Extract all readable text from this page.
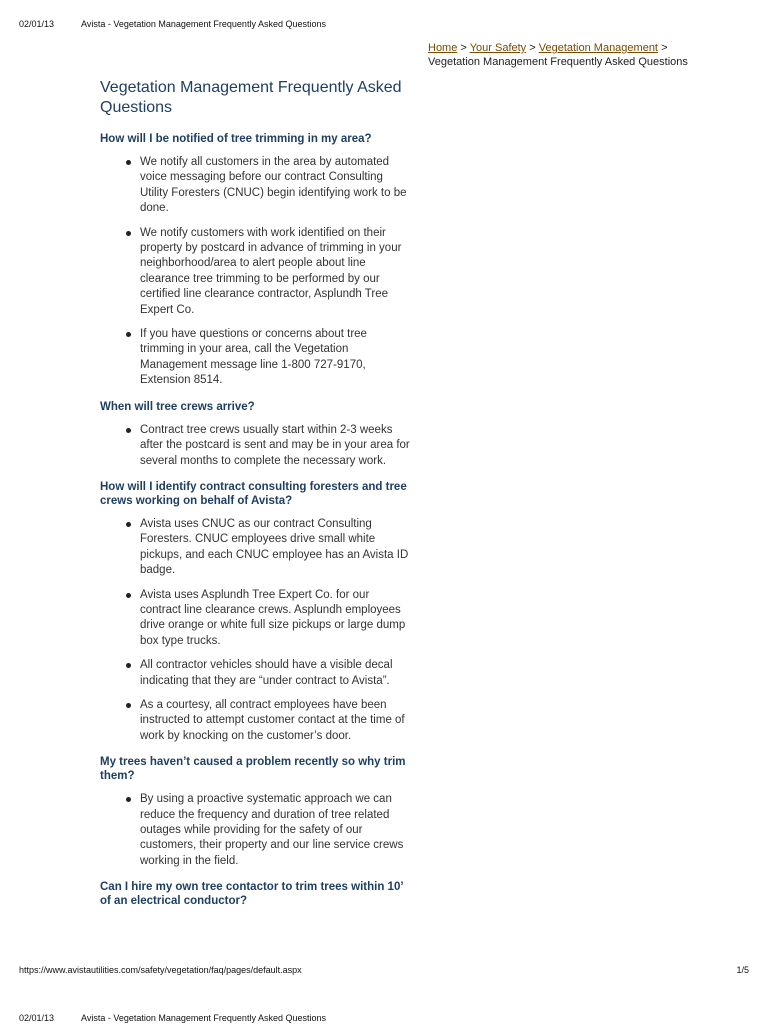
02/01/13	Avista - Vegetation Management Frequently Asked Questions
Home > Your Safety > Vegetation Management >
Vegetation Management Frequently Asked Questions
Vegetation Management Frequently Asked Questions
How will I be notified of tree trimming in my area?
We notify all customers in the area by automated voice messaging before our contract Consulting Utility Foresters (CNUC) begin identifying work to be done.
We notify customers with work identified on their property by postcard in advance of trimming in your neighborhood/area to alert people about line clearance tree trimming to be performed by our certified line clearance contractor, Asplundh Tree Expert Co.
If you have questions or concerns about tree trimming in your area, call the Vegetation Management message line 1-800 727-9170, Extension 8514.
When will tree crews arrive?
Contract tree crews usually start within 2-3 weeks after the postcard is sent and may be in your area for several months to complete the necessary work.
How will I identify contract consulting foresters and tree crews working on behalf of Avista?
Avista uses CNUC as our contract Consulting Foresters. CNUC employees drive small white pickups, and each CNUC employee has an Avista ID badge.
Avista uses Asplundh Tree Expert Co. for our contract line clearance crews. Asplundh employees drive orange or white full size pickups or large dump box type trucks.
All contractor vehicles should have a visible decal indicating that they are “under contract to Avista”.
As a courtesy, all contract employees have been instructed to attempt customer contact at the time of work by knocking on the customer’s door.
My trees haven’t caused a problem recently so why trim them?
By using a proactive systematic approach we can reduce the frequency and duration of tree related outages while providing for the safety of our customers, their property and our line service crews working in the field.
Can I hire my own tree contactor to trim trees within 10’ of an electrical conductor?
https://www.avistautilities.com/safety/vegetation/faq/pages/default.aspx	1/5
02/01/13	Avista - Vegetation Management Frequently Asked Questions
